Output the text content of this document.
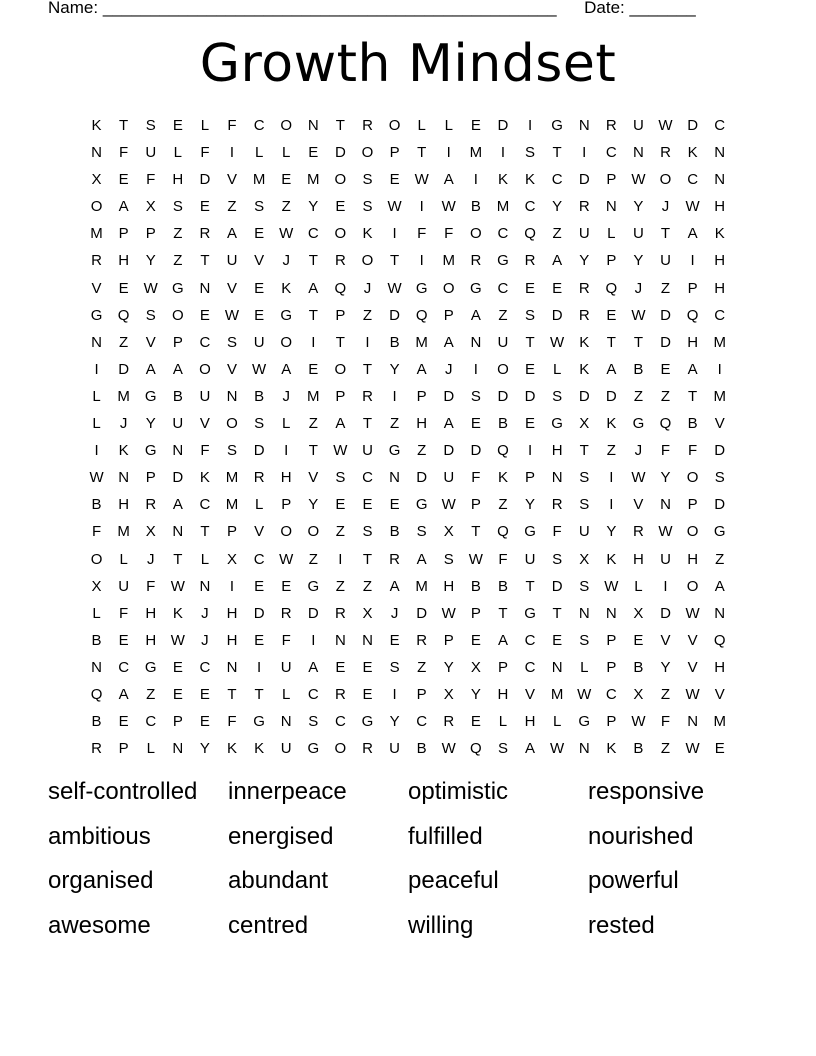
Name: ________________________________________________ Date: _______
Growth Mindset
K	T	S	E	L	F	C	O	N	T	R	O	L	L	E	D	I	G	N	R	U W D	C
N	F	U	L	F	I	L	L	E	D	O	P	T	I	M	I	S	T	I	C	N	R	K	N
X	E	F	H	D	V	M	E	M	O	S	E	W	A	I	K	K	C	D	P	W O	C	N
O	A	X	S	E	Z	S	Z	Y	E	S	W	I	W	B	M	C	Y	R	N	Y	J	W H
M	P	P	Z	R	A	E	W C	O	K	I	F	F	O	C	Q	Z	U	L	U	T	A	K
R	H	Y	Z	T	U	V	J	T	R	O	T	I	M	R	G	R	A	Y	P	Y	U	I	H
V	E	W G	N	V	E	K	A	Q	J	W G	O	G	C	E	E	R	Q	J	Z	P	H
G	Q	S	O	E	W	E	G	T	P	Z	D	Q	P	A	Z	S	D	R	E	W D	Q	C
N	Z	V	P	C	S	U	O	I	T	I	B	M	A	N	U	T	W	K	T	T	D	H	M
I	D	A	A	O	V	W	A	E	O	T	Y	A	J	I	O	E	L	K	A	B	E	A	I
L	M	G	B	U	N	B	J	M	P	R	I	P	D	S	D	D	S	D	D	Z	Z	T	M
L	J	Y	U	V	O	S	L	Z	A	T	Z	H	A	E	B	E	G	X	K	G	Q	B	V
I	K	G	N	F	S	D	I	T	W U	G	Z	D	D	Q	I	H	T	Z	J	F	F	D
W N	P	D	K	M	R	H	V	S	C	N	D	U	F	K	P	N	S	I	W	Y	O	S
B	H	R	A	C	M	L	P	Y	E	E	E	G W	P	Z	Y	R	S	I	V	N	P	D
F	M	X	N	T	P	V	O	O	Z	S	B	S	X	T	Q	G	F	U	Y	R W O	G
O	L	J	T	L	X	C W	Z	I	T	R	A	S	W	F	U	S	X	K	H	U	H	Z
X	U	F	W N	I	E	E	G	Z	Z	A	M	H	B	B	T	D	S	W	L	I	O	A
L	F	H	K	J	H	D	R	D	R	X	J	D W	P	T	G	T	N	N	X	D W N
B	E	H W	J	H	E	F	I	N	N	E	R	P	E	A	C	E	S	P	E	V	V	Q
N	C	G	E	C	N	I	U	A	E	E	S	Z	Y	X	P	C	N	L	P	B	Y	V	H
Q	A	Z	E	E	T	T	L	C	R	E	I	P	X	Y	H	V	M W C	X	Z	W	V
B	E	C	P	E	F	G	N	S	C	G	Y	C	R	E	L	H	L	G	P	W	F	N	M
R	P	L	N	Y	K	K	U	G	O	R	U	B	W Q	S	A	W N	K	B	Z	W	E
self-controlled	innerpeace	optimistic	responsive
ambitious	energised	fulfilled	nourished
organised	abundant	peaceful	powerful
awesome	centred	willing	rested
